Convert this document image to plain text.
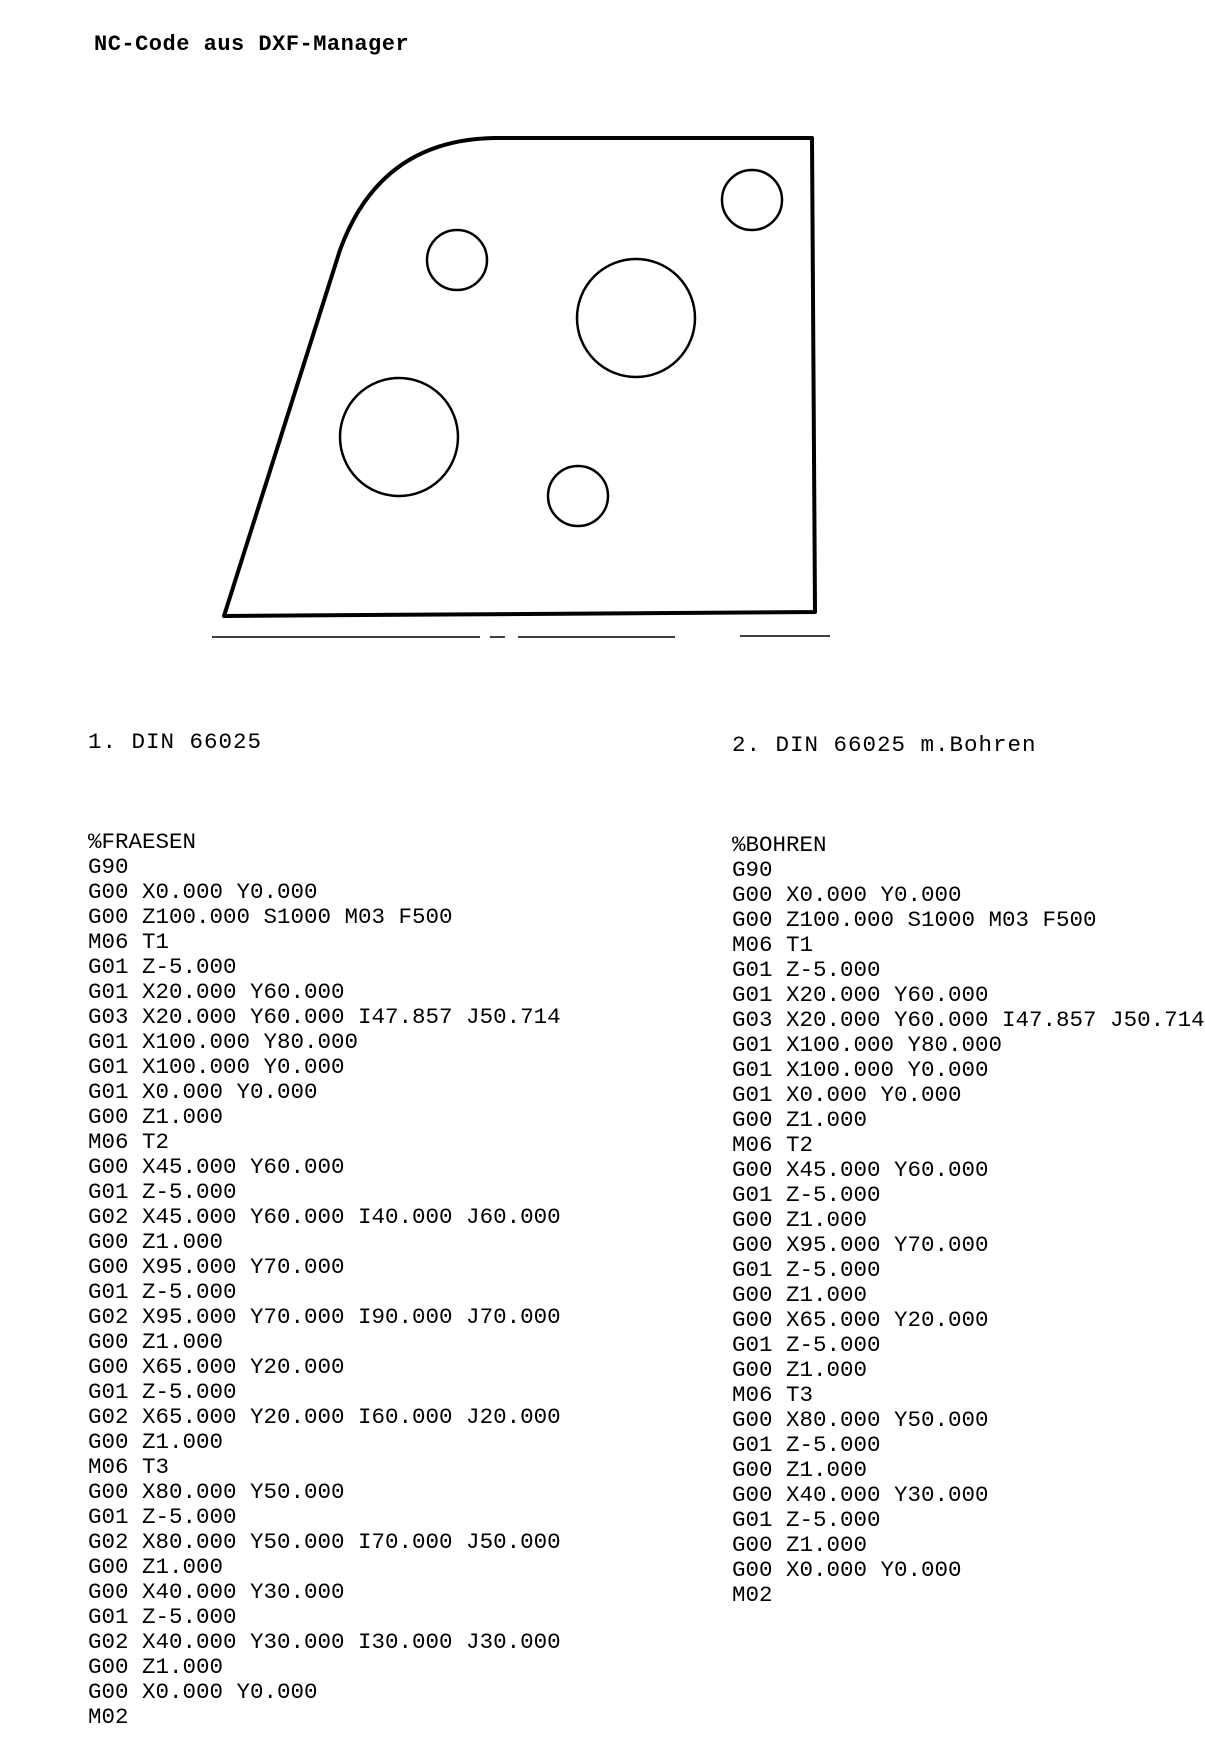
NC-Code aus DXF-Manager

1. DIN 66025

%FRAESEN
G90
G00 X0.000 Y0.000
G00 Z100.000 S1000 M03 F500
M06 T1
G01 Z-5.000
G01 X20.000 Y60.000
G03 X20.000 Y60.000 I47.857 J50.714
G01 X100.000 Y80.000
G01 X100.000 Y0.000
G01 X0.000 Y0.000
G00 Z1.000
M06 T2
G00 X45.000 Y60.000
G01 Z-5.000
G02 X45.000 Y60.000 I40.000 J60.000
G00 Z1.000
G00 X95.000 Y70.000
G01 Z-5.000
G02 X95.000 Y70.000 I90.000 J70.000
G00 Z1.000
G00 X65.000 Y20.000
G01 Z-5.000
G02 X65.000 Y20.000 I60.000 J20.000
G00 Z1.000
M06 T3
G00 X80.000 Y50.000
G01 Z-5.000
G02 X80.000 Y50.000 I70.000 J50.000
G00 Z1.000
G00 X40.000 Y30.000
G01 Z-5.000
G02 X40.000 Y30.000 I30.000 J30.000
G00 Z1.000
G00 X0.000 Y0.000
M02

2. DIN 66025 m.Bohren

%BOHREN
G90
G00 X0.000 Y0.000
G00 Z100.000 S1000 M03 F500
M06 T1
G01 Z-5.000
G01 X20.000 Y60.000
G03 X20.000 Y60.000 I47.857 J50.714
G01 X100.000 Y80.000
G01 X100.000 Y0.000
G01 X0.000 Y0.000
G00 Z1.000
M06 T2
G00 X45.000 Y60.000
G01 Z-5.000
G00 Z1.000
G00 X95.000 Y70.000
G01 Z-5.000
G00 Z1.000
G00 X65.000 Y20.000
G01 Z-5.000
G00 Z1.000
M06 T3
G00 X80.000 Y50.000
G01 Z-5.000
G00 Z1.000
G00 X40.000 Y30.000
G01 Z-5.000
G00 Z1.000
G00 X0.000 Y0.000
M02
